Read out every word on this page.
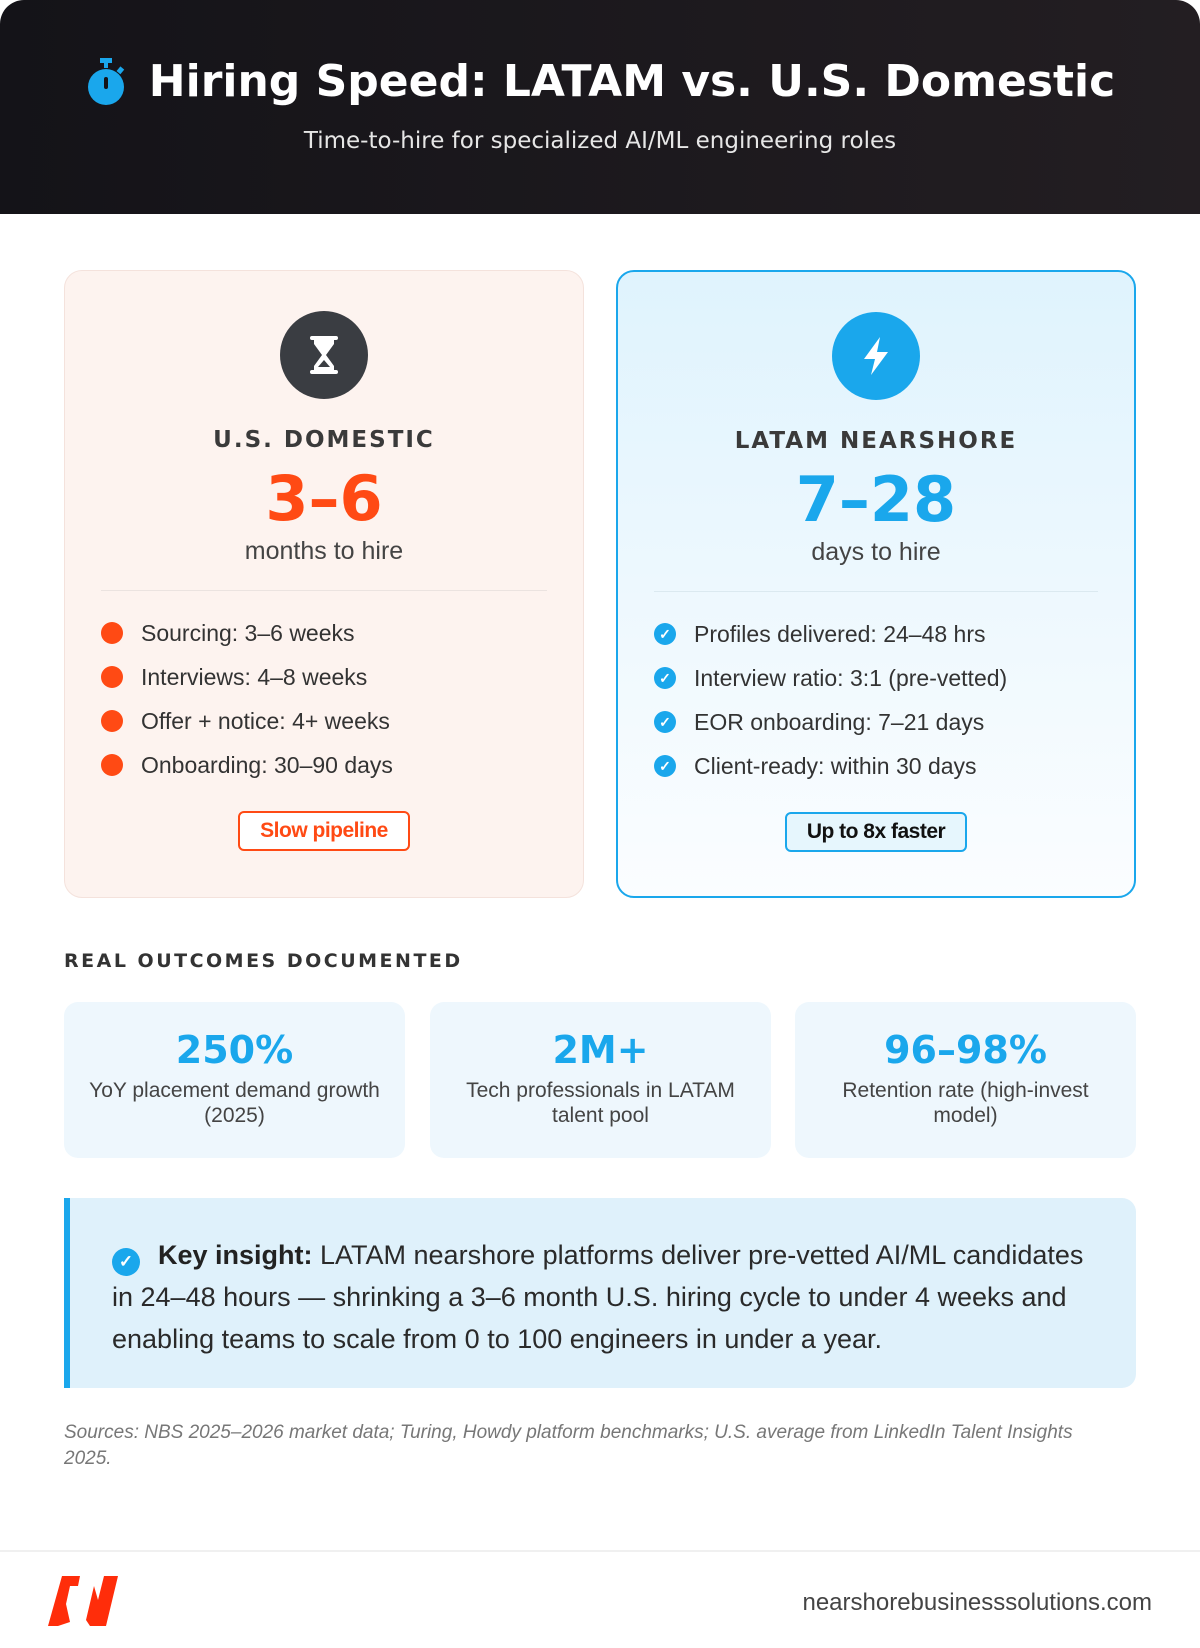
Hiring Speed: LATAM vs. U.S. Domestic
Time-to-hire for specialized AI/ML engineering roles
U.S. DOMESTIC
3–6
months to hire
Sourcing: 3–6 weeks
Interviews: 4–8 weeks
Offer + notice: 4+ weeks
Onboarding: 30–90 days
Slow pipeline
LATAM NEARSHORE
7–28
days to hire
✓ Profiles delivered: 24–48 hrs
✓ Interview ratio: 3:1 (pre-vetted)
✓ EOR onboarding: 7–21 days
✓ Client-ready: within 30 days
Up to 8x faster
REAL OUTCOMES DOCUMENTED
250%
YoY placement demand growth (2025)
2M+
Tech professionals in LATAM talent pool
96–98%
Retention rate (high-invest model)
✓ Key insight: LATAM nearshore platforms deliver pre-vetted AI/ML candidates in 24–48 hours — shrinking a 3–6 month U.S. hiring cycle to under 4 weeks and enabling teams to scale from 0 to 100 engineers in under a year.
Sources: NBS 2025–2026 market data; Turing, Howdy platform benchmarks; U.S. average from LinkedIn Talent Insights 2025.
nearshorebusinesssolutions.com
